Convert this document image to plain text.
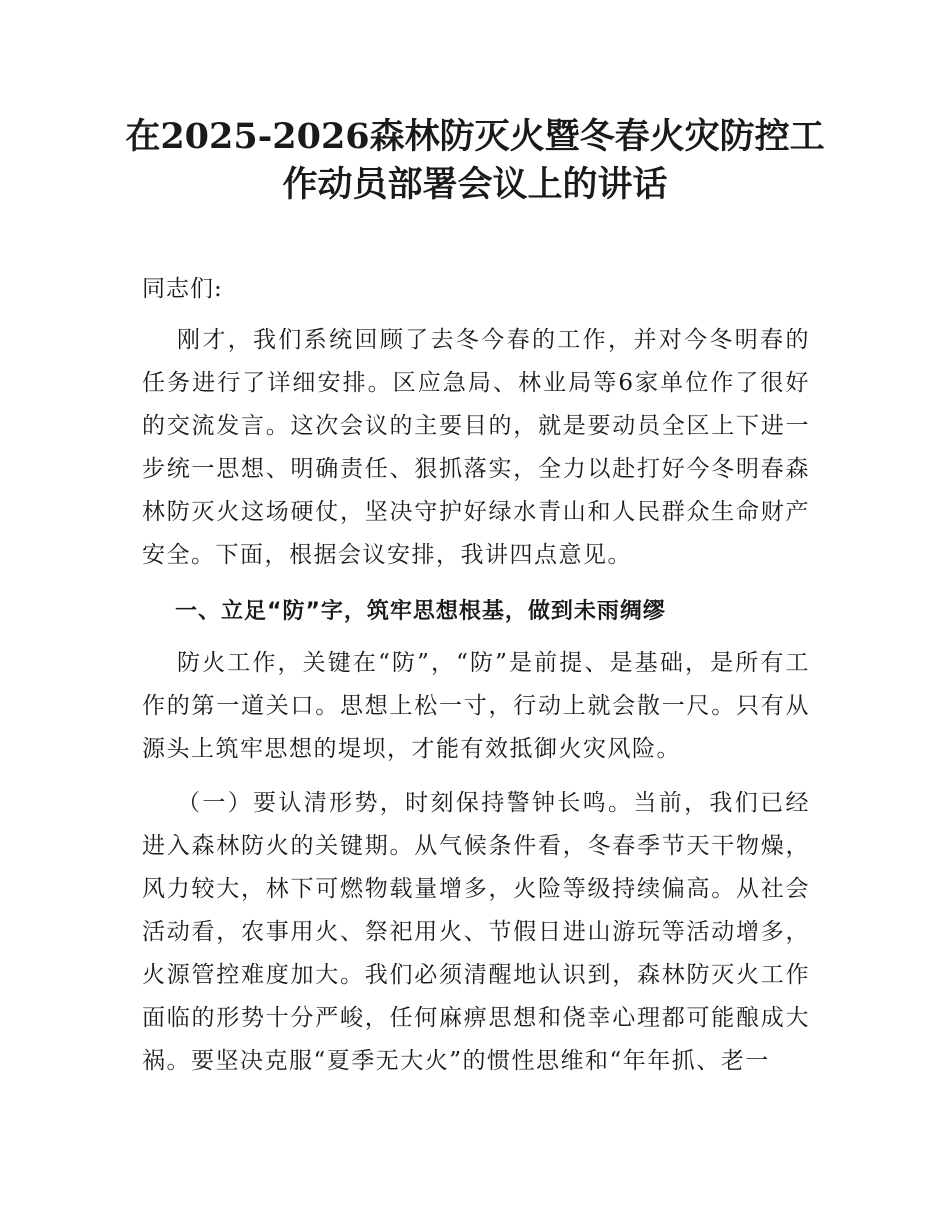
在2025-2026森林防灭火暨冬春火灾防控工
作动员部署会议上的讲话

同志们:

刚才，我们系统回顾了去冬今春的工作，并对今冬明春的任务进行了详细安排。区应急局、林业局等6家单位作了很好的交流发言。这次会议的主要目的，就是要动员全区上下进一步统一思想、明确责任、狠抓落实，全力以赴打好今冬明春森林防灭火这场硬仗，坚决守护好绿水青山和人民群众生命财产安全。下面，根据会议安排，我讲四点意见。

一、立足“防”字，筑牢思想根基，做到未雨绸缪

防火工作，关键在“防”，“防”是前提、是基础，是所有工作的第一道关口。思想上松一寸，行动上就会散一尺。只有从源头上筑牢思想的堤坝，才能有效抵御火灾风险。

（一）要认清形势，时刻保持警钟长鸣。当前，我们已经进入森林防火的关键期。从气候条件看，冬春季节天干物燥，风力较大，林下可燃物载量增多，火险等级持续偏高。从社会活动看，农事用火、祭祀用火、节假日进山游玩等活动增多，火源管控难度加大。我们必须清醒地认识到，森林防灭火工作面临的形势十分严峻，任何麻痹思想和侥幸心理都可能酿成大祸。要坚决克服“夏季无大火”的惯性思维和“年年抓、老一
